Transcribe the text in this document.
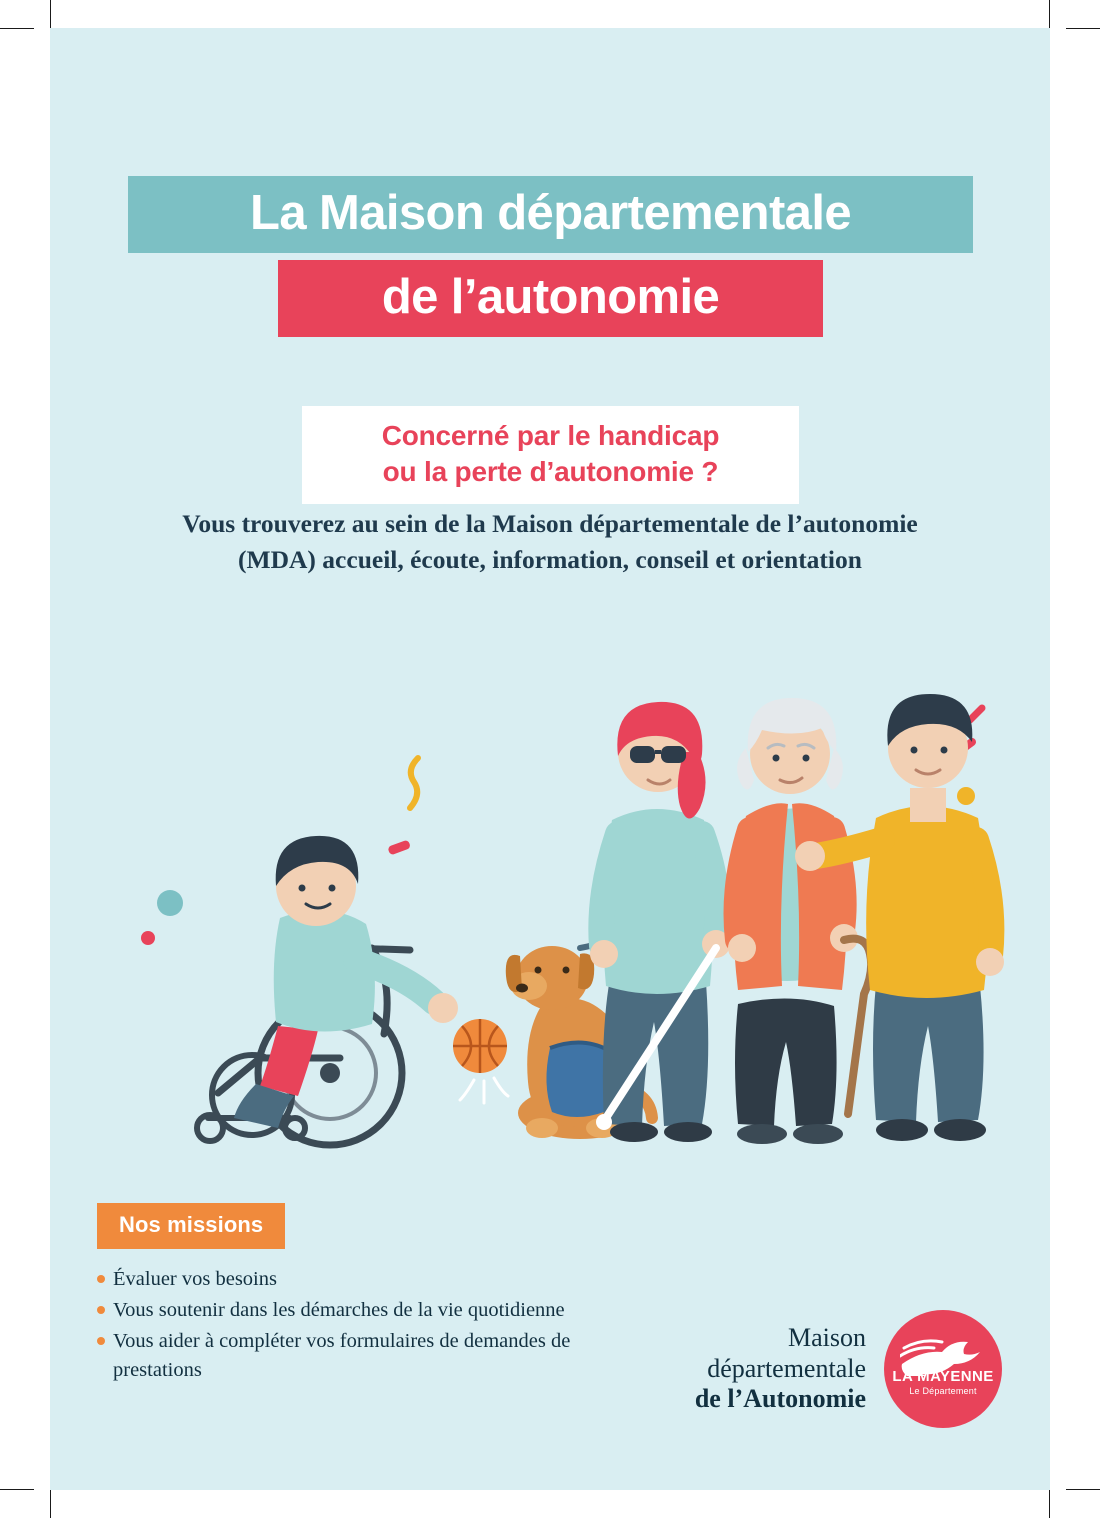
La Maison départementale
de l’autonomie
Concerné par le handicap
ou la perte d’autonomie ?
Vous trouverez au sein de la Maison départementale de l’autonomie (MDA) accueil, écoute, information, conseil et orientation
Nos missions
Évaluer vos besoins
Vous soutenir dans les démarches de la vie quotidienne
Vous aider à compléter vos formulaires de demandes de prestations
Maison
départementale
de l’Autonomie
LA MAYENNE
Le Département
